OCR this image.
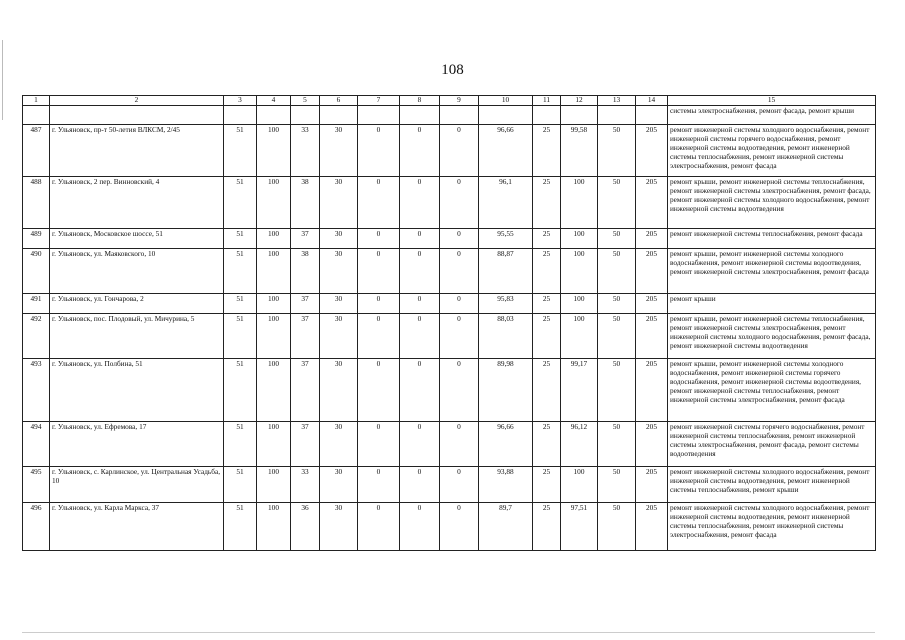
108
1	2	3	4	5	6	7	8	9	10	11	12	13	14	15
														системы электроснабжения, ремонт фасада, ремонт крыши
487	г. Ульяновск, пр-т 50-летия ВЛКСМ, 2/45	51	100	33	30	0	0	0	96,66	25	99,58	50	205	ремонт инженерной системы холодного водоснабжения, ремонт инженерной системы горячего водоснабжения, ремонт инженерной системы водоотведения, ремонт инженерной системы теплоснабжения, ремонт инженерной системы электроснабжения, ремонт фасада
488	г. Ульяновск, 2 пер. Винновский, 4	51	100	38	30	0	0	0	96,1	25	100	50	205	ремонт крыши, ремонт инженерной системы теплоснабжения, ремонт инженерной системы электроснабжения, ремонт фасада, ремонт инженерной системы холодного водоснабжения, ремонт инженерной системы водоотведения
489	г. Ульяновск, Московское шоссе, 51	51	100	37	30	0	0	0	95,55	25	100	50	205	ремонт инженерной системы теплоснабжения, ремонт фасада
490	г. Ульяновск, ул. Маяковского, 10	51	100	38	30	0	0	0	88,87	25	100	50	205	ремонт крыши, ремонт инженерной системы холодного водоснабжения, ремонт инженерной системы водоотведения, ремонт инженерной системы электроснабжения, ремонт фасада
491	г. Ульяновск, ул. Гончарова, 2	51	100	37	30	0	0	0	95,83	25	100	50	205	ремонт крыши
492	г. Ульяновск, пос. Плодовый, ул. Мичурина, 5	51	100	37	30	0	0	0	88,03	25	100	50	205	ремонт крыши, ремонт инженерной системы теплоснабжения, ремонт инженерной системы электроснабжения, ремонт инженерной системы холодного водоснабжения, ремонт фасада, ремонт инженерной системы водоотведения
493	г. Ульяновск, ул. Полбина, 51	51	100	37	30	0	0	0	89,98	25	99,17	50	205	ремонт крыши, ремонт инженерной системы холодного водоснабжения, ремонт инженерной системы горячего водоснабжения, ремонт инженерной системы водоотведения, ремонт инженерной системы теплоснабжения, ремонт инженерной системы электроснабжения, ремонт фасада
494	г. Ульяновск, ул. Ефремова, 17	51	100	37	30	0	0	0	96,66	25	96,12	50	205	ремонт инженерной системы горячего водоснабжения, ремонт инженерной системы теплоснабжения, ремонт инженерной системы электроснабжения, ремонт фасада, ремонт системы водоотведения
495	г. Ульяновск, с. Карлинское, ул. Центральная Усадьба, 10	51	100	33	30	0	0	0	93,88	25	100	50	205	ремонт инженерной системы холодного водоснабжения, ремонт инженерной системы водоотведения, ремонт инженерной системы теплоснабжения, ремонт крыши
496	г. Ульяновск, ул. Карла Маркса, 37	51	100	36	30	0	0	0	89,7	25	97,51	50	205	ремонт инженерной системы холодного водоснабжения, ремонт инженерной системы водоотведения, ремонт инженерной системы теплоснабжения, ремонт инженерной системы электроснабжения, ремонт фасада
